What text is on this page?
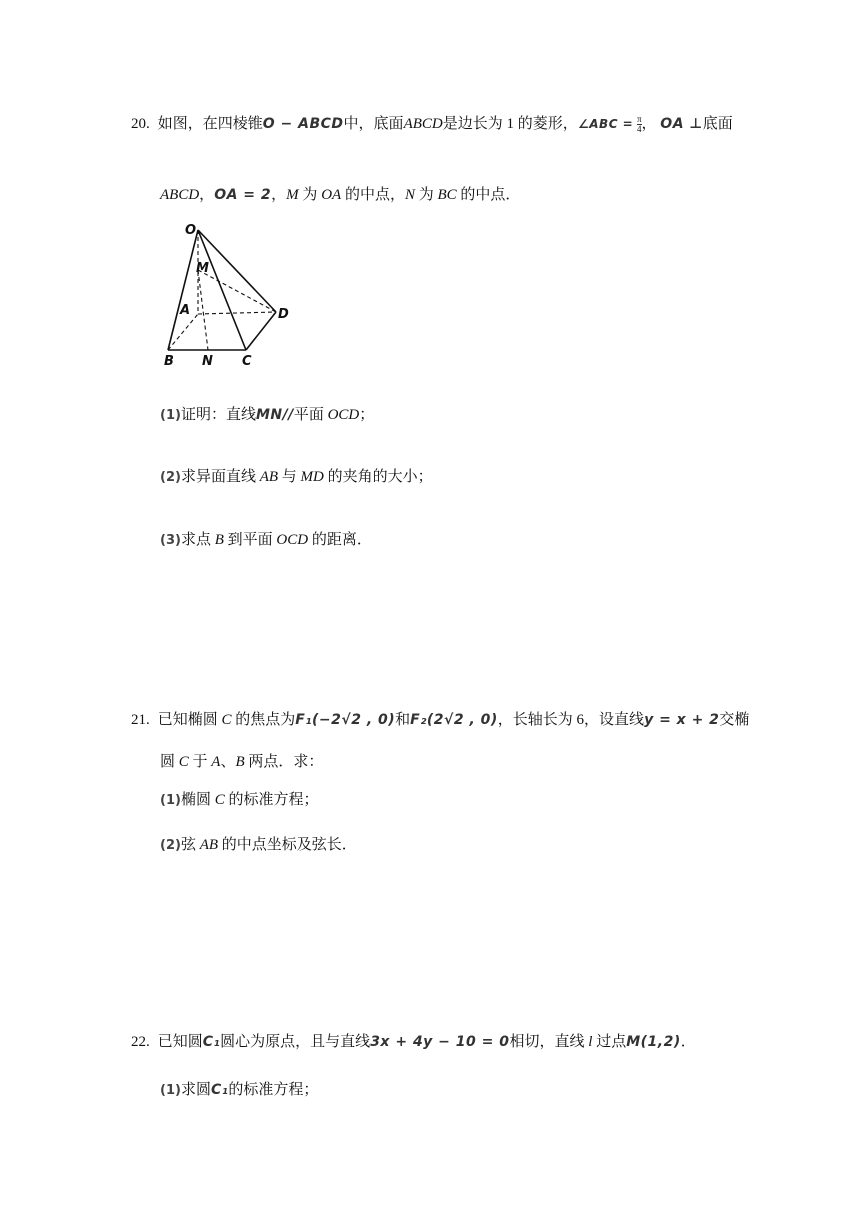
20. 如图，在四棱锥O − ABCD中，底面ABCD是边长为 1 的菱形， ∠ABC = $\frac{\pi}{4}$ ， OA ⊥底面
ABCD，OA = 2，M 为 OA 的中点，N 为 BC 的中点．
O
M
A	D
B N C
(1)证明：直线MN//平面 OCD；
(2)求异面直线 AB 与 MD 的夹角的大小；
(3)求点 B 到平面 OCD 的距离．
21. 已知椭圆 C 的焦点为F₁(−2√2 , 0)和F₂(2√2 , 0)，长轴长为 6，设直线y = x + 2交椭
圆 C 于 A、B 两点．求：
(1)椭圆 C 的标准方程；
(2)弦 AB 的中点坐标及弦长．
22. 已知圆C₁圆心为原点，且与直线3x + 4y − 10 = 0相切，直线 l 过点M(1,2)．
(1)求圆C₁的标准方程；
